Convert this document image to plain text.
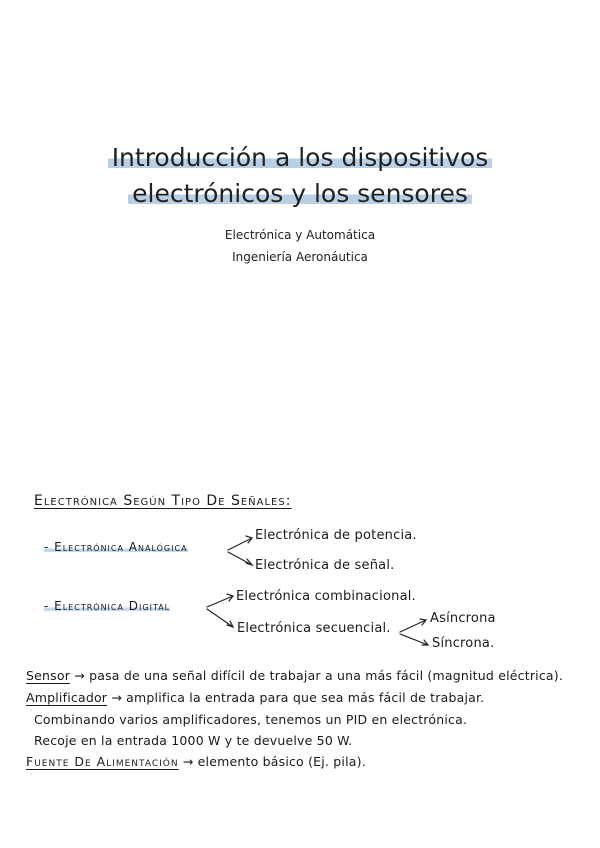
Introducción a los dispositivos
electrónicos y los sensores
Electrónica y Automática
Ingeniería Aeronáutica
Electrónica Según Tipo De Señales:
- Electrónica Analógica
Electrónica de potencia.
Electrónica de señal.
- Electrónica Digital
Electrónica combinacional.
Electrónica secuencial.
Asíncrona
Síncrona.
Sensor → pasa de una señal difícil de trabajar a una más fácil (magnitud eléctrica).
Amplificador → amplifica la entrada para que sea más fácil de trabajar.
Combinando varios amplificadores, tenemos un PID en electrónica.
Recoje en la entrada 1000 W y te devuelve 50 W.
Fuente De Alimentación → elemento básico (Ej. pila).
